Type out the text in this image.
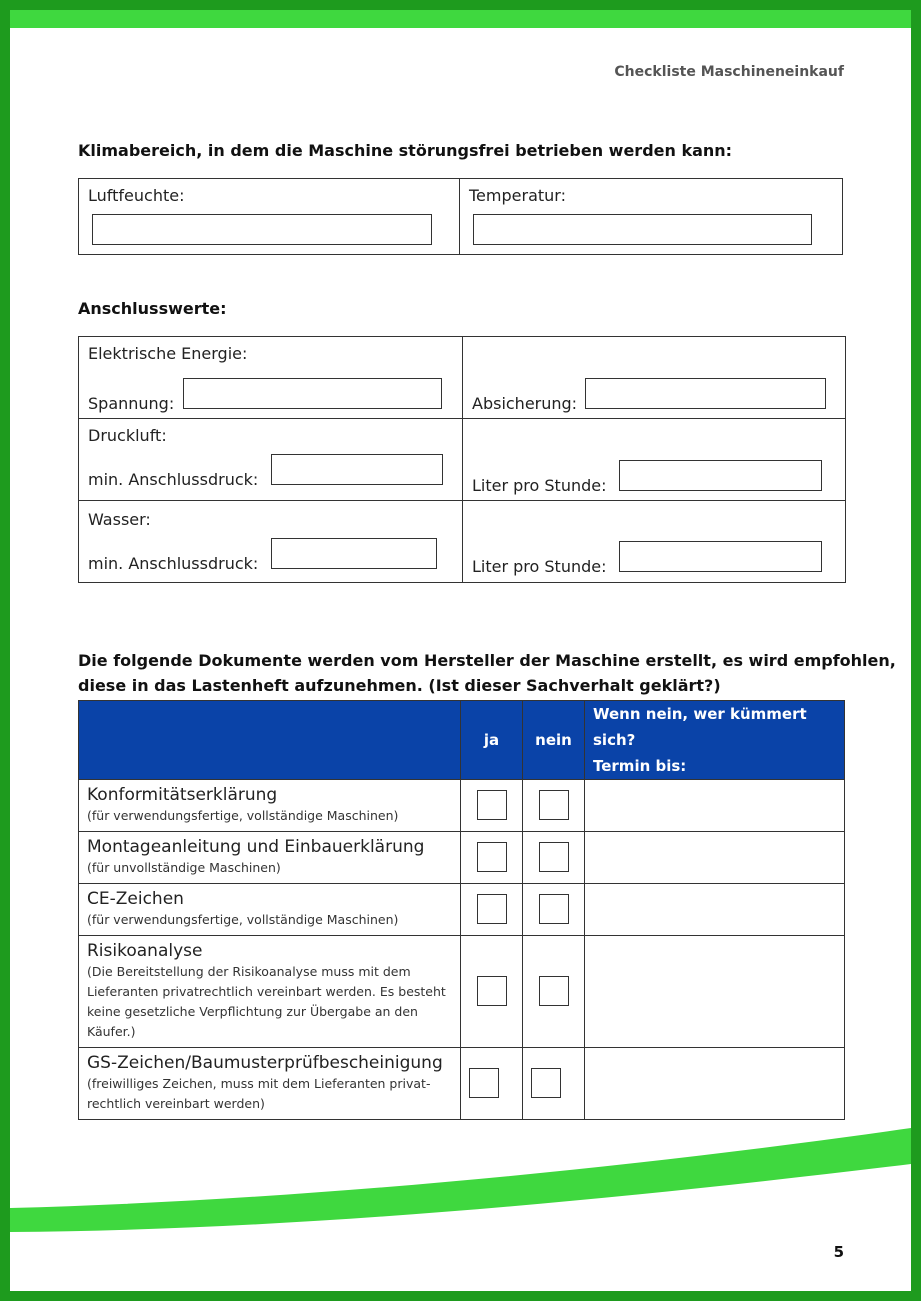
Checkliste Maschineneinkauf
Klimabereich, in dem die Maschine störungsfrei betrieben werden kann:
Luftfeuchte:	Temperatur:
Anschlusswerte:
Elektrische Energie:
Spannung:	Absicherung:
Druckluft:
min. Anschlussdruck:	Liter pro Stunde:
Wasser:
min. Anschlussdruck:	Liter pro Stunde:
Die folgende Dokumente werden vom Hersteller der Maschine erstellt, es wird empfohlen,
diese in das Lastenheft aufzunehmen. (Ist dieser Sachverhalt geklärt?)
	ja	nein	Wenn nein, wer kümmert sich?
Termin bis:

Konformitätserklärung
(für verwendungsfertige, vollständige Maschinen)			

Montageanleitung und Einbauerklärung
(für unvollständige Maschinen)			

CE-Zeichen
(für verwendungsfertige, vollständige Maschinen)			

Risikoanalyse
(Die Bereitstellung der Risikoanalyse muss mit dem Lieferanten privatrechtlich vereinbart werden. Es besteht keine gesetzliche Verpflichtung zur Übergabe an den Käufer.)			

GS-Zeichen/Baumusterprüfbescheinigung
(freiwilliges Zeichen, muss mit dem Lieferanten privat-rechtlich vereinbart werden)			

5
